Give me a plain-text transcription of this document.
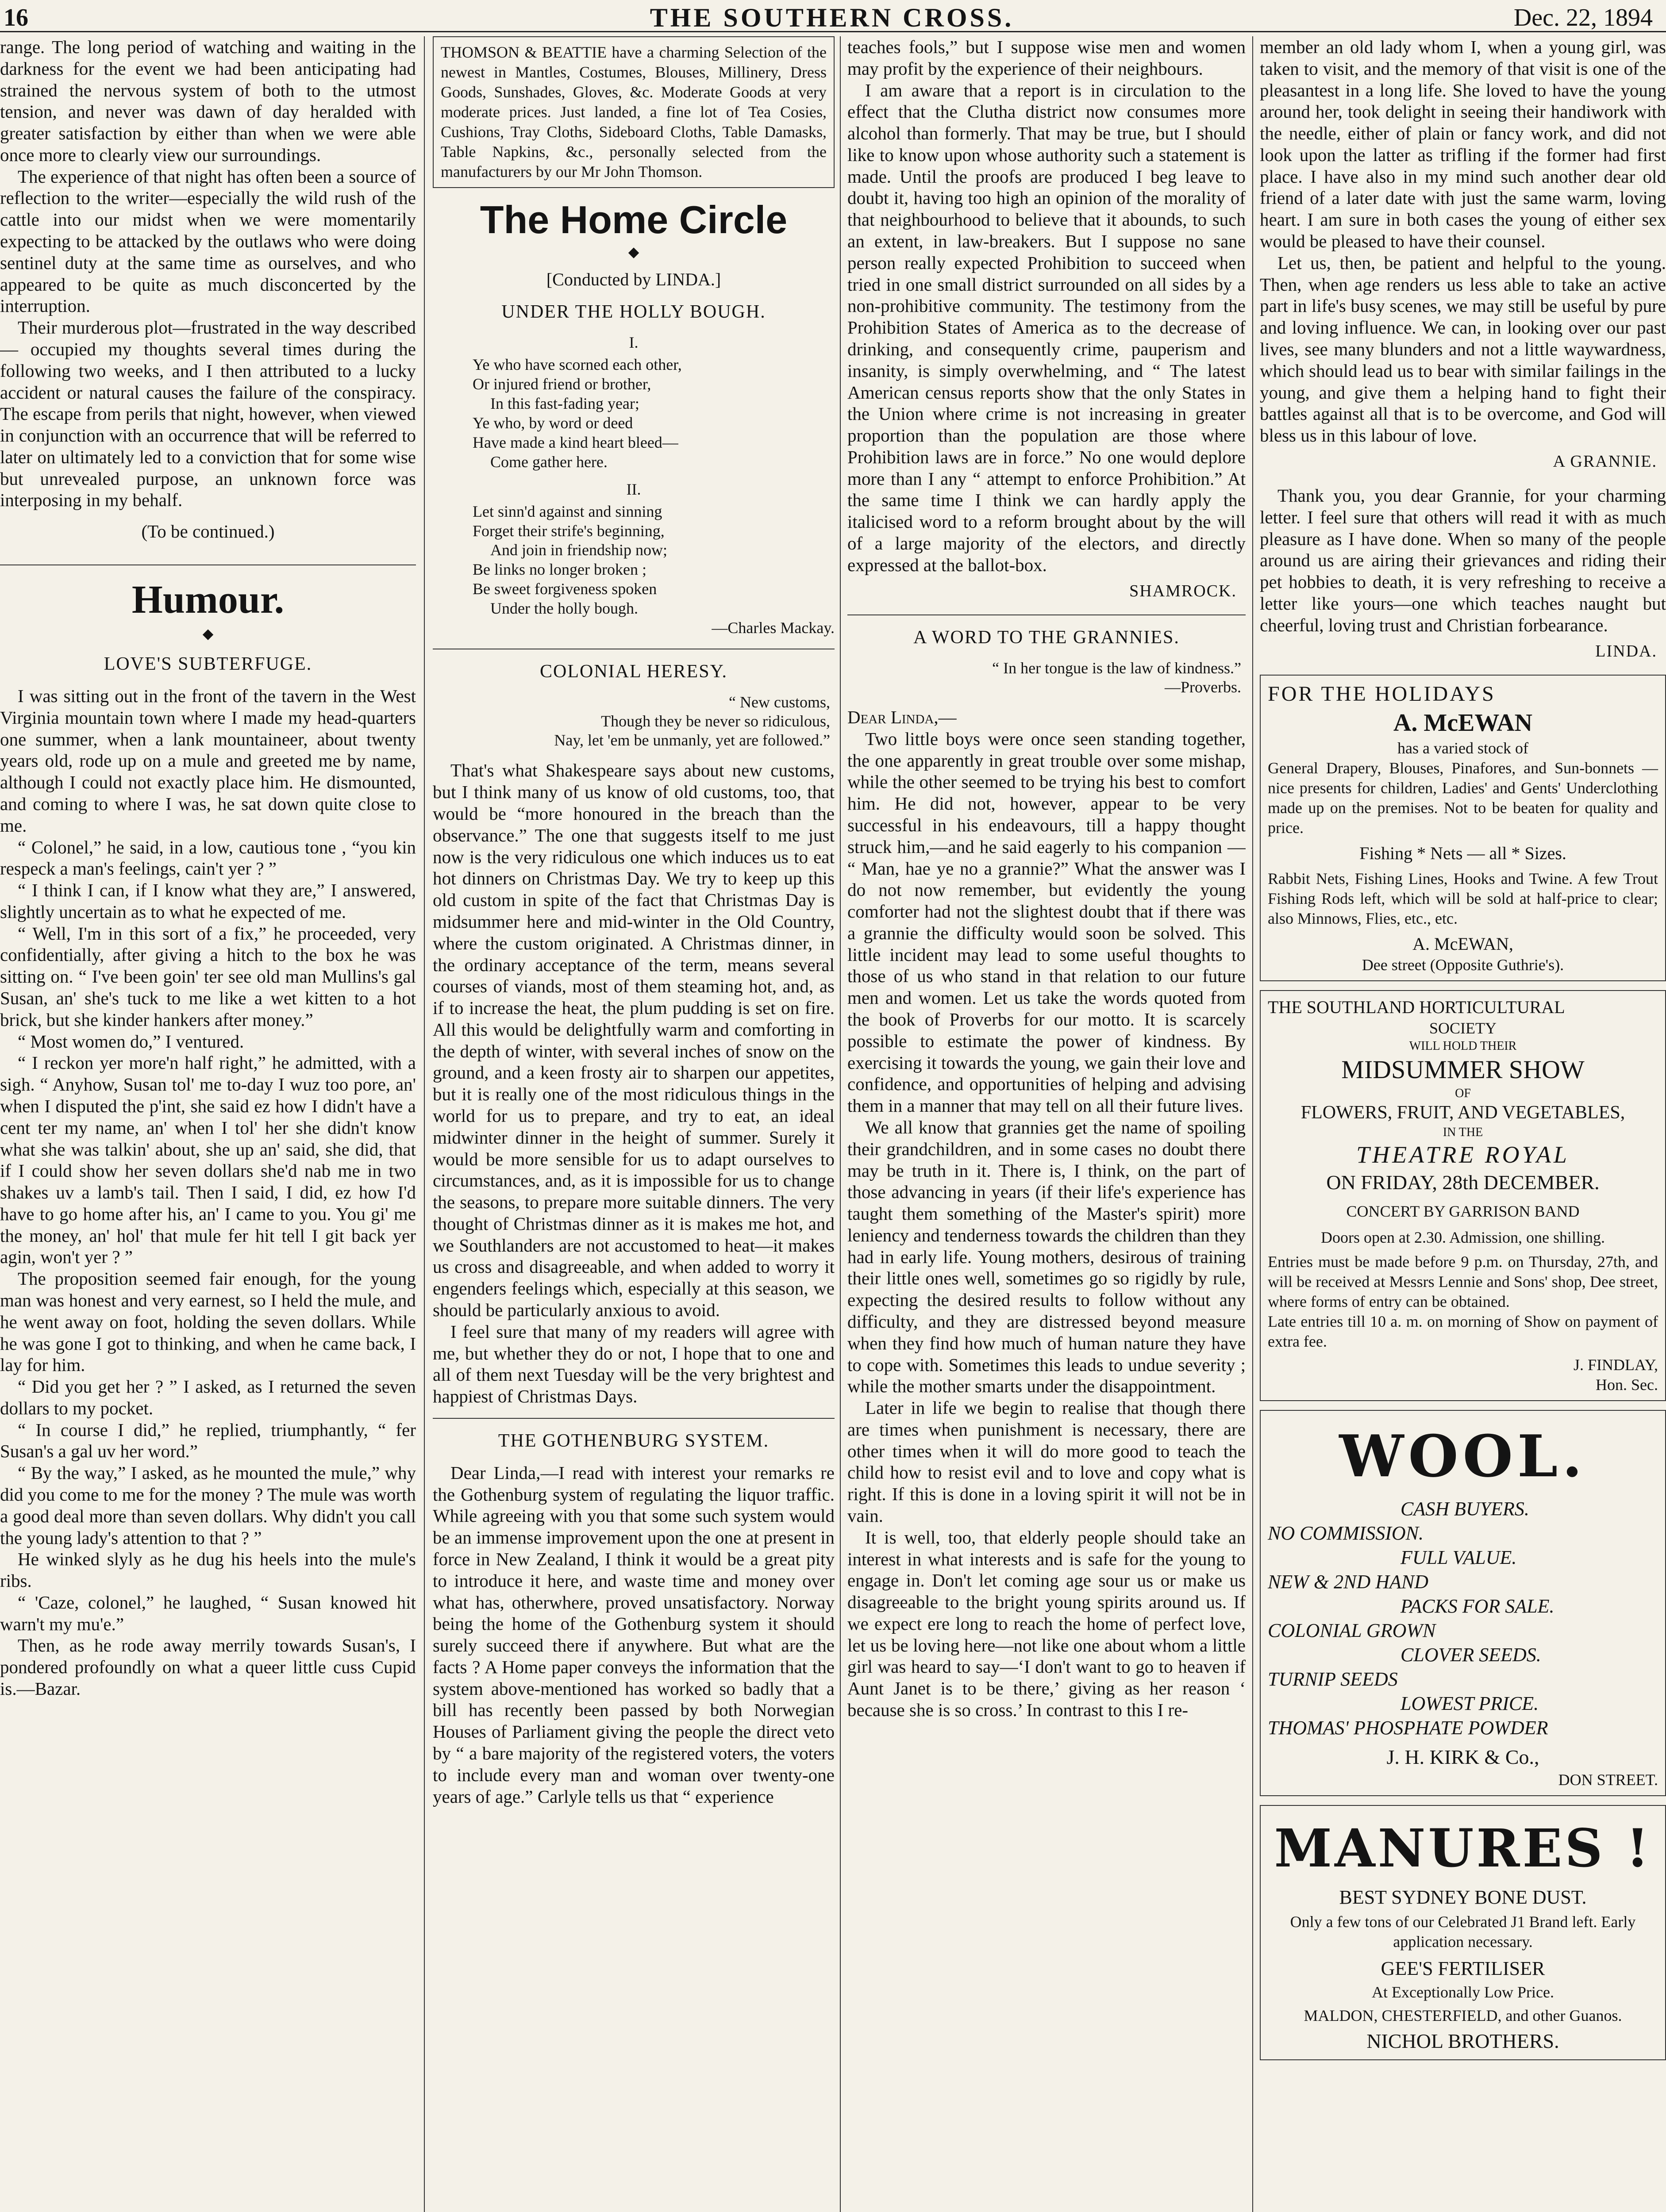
16	THE SOUTHERN CROSS.	Dec. 22, 1894

range. The long period of watching and waiting in the darkness for the event we had been anticipating had strained the nervous system of both to the utmost tension, and never was dawn of day heralded with greater satisfaction by either than when we were able once more to clearly view our surroundings.

The experience of that night has often been a source of reflection to the writer—especially the wild rush of the cattle into our midst when we were momentarily expecting to be attacked by the outlaws who were doing sentinel duty at the same time as ourselves, and who appeared to be quite as much disconcerted by the interruption.

Their murderous plot—frustrated in the way described — occupied my thoughts several times during the following two weeks, and I then attributed to a lucky accident or natural causes the failure of the conspiracy. The escape from perils that night, however, when viewed in conjunction with an occurrence that will be referred to later on ultimately led to a conviction that for some wise but unrevealed purpose, an unknown force was interposing in my behalf.

(To be continued.)
Humour.
◆
LOVE'S SUBTERFUGE.

I was sitting out in the front of the tavern in the West Virginia mountain town where I made my head-quarters one summer, when a lank mountaineer, about twenty years old, rode up on a mule and greeted me by name, although I could not exactly place him. He dismounted, and coming to where I was, he sat down quite close to me.

“ Colonel,” he said, in a low, cautious tone , “you kin respeck a man's feelings, cain't yer ? ”

“ I think I can, if I know what they are,” I answered, slightly uncertain as to what he expected of me.

“ Well, I'm in this sort of a fix,” he proceeded, very confidentially, after giving a hitch to the box he was sitting on. “ I've been goin' ter see old man Mullins's gal Susan, an' she's tuck to me like a wet kitten to a hot brick, but she kinder hankers after money.”

“ Most women do,” I ventured.

“ I reckon yer more'n half right,” he admitted, with a sigh. “ Anyhow, Susan tol' me to-day I wuz too pore, an' when I disputed the p'int, she said ez how I didn't have a cent ter my name, an' when I tol' her she didn't know what she was talkin' about, she up an' said, she did, that if I could show her seven dollars she'd nab me in two shakes uv a lamb's tail. Then I said, I did, ez how I'd have to go home after his, an' I came to you. You gi' me the money, an' hol' that mule fer hit tell I git back yer agin, won't yer ? ”

The proposition seemed fair enough, for the young man was honest and very earnest, so I held the mule, and he went away on foot, holding the seven dollars. While he was gone I got to thinking, and when he came back, I lay for him.

“ Did you get her ? ” I asked, as I returned the seven dollars to my pocket.

“ In course I did,” he replied, triumphantly, “ fer Susan's a gal uv her word.”

“ By the way,” I asked, as he mounted the mule,” why did you come to me for the money ? The mule was worth a good deal more than seven dollars. Why didn't you call the young lady's attention to that ? ”

He winked slyly as he dug his heels into the mule's ribs.

“ 'Caze, colonel,” he laughed, “ Susan knowed hit warn't my mu'e.”

Then, as he rode away merrily towards Susan's, I pondered profoundly on what a queer little cuss Cupid is.—Bazar.

THOMSON & BEATTIE have a charming Selection of the newest in Mantles, Costumes, Blouses, Millinery, Dress Goods, Sunshades, Gloves, &c. Moderate Goods at very moderate prices. Just landed, a fine lot of Tea Cosies, Cushions, Tray Cloths, Sideboard Cloths, Table Damasks, Table Napkins, &c., personally selected from the manufacturers by our Mr John Thomson.
The Home Circle
◆
[Conducted by LINDA.]
UNDER THE HOLLY BOUGH.
I.
Ye who have scorned each other,
Or injured friend or brother,
In this fast-fading year;
Ye who, by word or deed
Have made a kind heart bleed—
Come gather here.
II.
Let sinn'd against and sinning
Forget their strife's beginning,
And join in friendship now;
Be links no longer broken ;
Be sweet forgiveness spoken
Under the holly bough.
—Charles Mackay.
COLONIAL HERESY.
“ New customs,
Though they be never so ridiculous,
Nay, let 'em be unmanly, yet are followed.”

That's what Shakespeare says about new customs, but I think many of us know of old customs, too, that would be “more honoured in the breach than the observance.” The one that suggests itself to me just now is the very ridiculous one which induces us to eat hot dinners on Christmas Day. We try to keep up this old custom in spite of the fact that Christmas Day is midsummer here and mid-winter in the Old Country, where the custom originated. A Christmas dinner, in the ordinary acceptance of the term, means several courses of viands, most of them steaming hot, and, as if to increase the heat, the plum pudding is set on fire. All this would be delightfully warm and comforting in the depth of winter, with several inches of snow on the ground, and a keen frosty air to sharpen our appetites, but it is really one of the most ridiculous things in the world for us to prepare, and try to eat, an ideal midwinter dinner in the height of summer. Surely it would be more sensible for us to adapt ourselves to circumstances, and, as it is impossible for us to change the seasons, to prepare more suitable dinners. The very thought of Christmas dinner as it is makes me hot, and we Southlanders are not accustomed to heat—it makes us cross and disagreeable, and when added to worry it engenders feelings which, especially at this season, we should be particularly anxious to avoid.

I feel sure that many of my readers will agree with me, but whether they do or not, I hope that to one and all of them next Tuesday will be the very brightest and happiest of Christmas Days.

THE GOTHENBURG SYSTEM.

Dear Linda,—I read with interest your remarks re the Gothenburg system of regulating the liquor traffic. While agreeing with you that some such system would be an immense improvement upon the one at present in force in New Zealand, I think it would be a great pity to introduce it here, and waste time and money over what has, otherwhere, proved unsatisfactory. Norway being the home of the Gothenburg system it should surely succeed there if anywhere. But what are the facts ? A Home paper conveys the information that the system above-mentioned has worked so badly that a bill has recently been passed by both Norwegian Houses of Parliament giving the people the direct veto by “ a bare majority of the registered voters, the voters to include every man and woman over twenty-one years of age.” Carlyle tells us that “ experience

teaches fools,” but I suppose wise men and women may profit by the experience of their neighbours.

I am aware that a report is in circulation to the effect that the Clutha district now consumes more alcohol than formerly. That may be true, but I should like to know upon whose authority such a statement is made. Until the proofs are produced I beg leave to doubt it, having too high an opinion of the morality of that neighbourhood to believe that it abounds, to such an extent, in law-breakers. But I suppose no sane person really expected Prohibition to succeed when tried in one small district surrounded on all sides by a non-prohibitive community. The testimony from the Prohibition States of America as to the decrease of drinking, and consequently crime, pauperism and insanity, is simply overwhelming, and “ The latest American census reports show that the only States in the Union where crime is not increasing in greater proportion than the population are those where Prohibition laws are in force.” No one would deplore more than I any “ attempt to enforce Prohibition.” At the same time I think we can hardly apply the italicised word to a reform brought about by the will of a large majority of the electors, and directly expressed at the ballot-box.

SHAMROCK.
A WORD TO THE GRANNIES.
“ In her tongue is the law of kindness.”
—Proverbs.

Dear Linda,—

Two little boys were once seen standing together, the one apparently in great trouble over some mishap, while the other seemed to be trying his best to comfort him. He did not, however, appear to be very successful in his endeavours, till a happy thought struck him,—and he said eagerly to his companion — “ Man, hae ye no a grannie?” What the answer was I do not now remember, but evidently the young comforter had not the slightest doubt that if there was a grannie the difficulty would soon be solved. This little incident may lead to some useful thoughts to those of us who stand in that relation to our future men and women. Let us take the words quoted from the book of Proverbs for our motto. It is scarcely possible to estimate the power of kindness. By exercising it towards the young, we gain their love and confidence, and opportunities of helping and advising them in a manner that may tell on all their future lives.

We all know that grannies get the name of spoiling their grandchildren, and in some cases no doubt there may be truth in it. There is, I think, on the part of those advancing in years (if their life's experience has taught them something of the Master's spirit) more leniency and tenderness towards the children than they had in early life. Young mothers, desirous of training their little ones well, sometimes go so rigidly by rule, expecting the desired results to follow without any difficulty, and they are distressed beyond measure when they find how much of human nature they have to cope with. Sometimes this leads to undue severity ; while the mother smarts under the disappointment.

Later in life we begin to realise that though there are times when punishment is necessary, there are other times when it will do more good to teach the child how to resist evil and to love and copy what is right. If this is done in a loving spirit it will not be in vain.

It is well, too, that elderly people should take an interest in what interests and is safe for the young to engage in. Don't let coming age sour us or make us disagreeable to the bright young spirits around us. If we expect ere long to reach the home of perfect love, let us be loving here—not like one about whom a little girl was heard to say—‘I don't want to go to heaven if Aunt Janet is to be there,’ giving as her reason ‘ because she is so cross.’ In contrast to this I re-

member an old lady whom I, when a young girl, was taken to visit, and the memory of that visit is one of the pleasantest in a long life. She loved to have the young around her, took delight in seeing their handiwork with the needle, either of plain or fancy work, and did not look upon the latter as trifling if the former had first place. I have also in my mind such another dear old friend of a later date with just the same warm, loving heart. I am sure in both cases the young of either sex would be pleased to have their counsel.

Let us, then, be patient and helpful to the young. Then, when age renders us less able to take an active part in life's busy scenes, we may still be useful by pure and loving influence. We can, in looking over our past lives, see many blunders and not a little waywardness, which should lead us to bear with similar failings in the young, and give them a helping hand to fight their battles against all that is to be overcome, and God will bless us in this labour of love.

A GRANNIE.

Thank you, you dear Grannie, for your charming letter. I feel sure that others will read it with as much pleasure as I have done. When so many of the people around us are airing their grievances and riding their pet hobbies to death, it is very refreshing to receive a letter like yours—one which teaches naught but cheerful, loving trust and Christian forbearance.

LINDA.
FOR THE HOLIDAYS
A. McEWAN
has a varied stock of
General Drapery, Blouses, Pinafores, and Sun-bonnets — nice presents for children, Ladies' and Gents' Underclothing made up on the premises. Not to be beaten for quality and price.
Fishing * Nets — all * Sizes.
Rabbit Nets, Fishing Lines, Hooks and Twine. A few Trout Fishing Rods left, which will be sold at half-price to clear; also Minnows, Flies, etc., etc.
A. McEWAN,
Dee street (Opposite Guthrie's).
THE SOUTHLAND HORTICULTURAL
SOCIETY
WILL HOLD THEIR
MIDSUMMER SHOW
OF
FLOWERS, FRUIT, AND VEGETABLES,
IN THE
THEATRE ROYAL
ON FRIDAY, 28th DECEMBER.
CONCERT BY GARRISON BAND
Doors open at 2.30. Admission, one shilling.
Entries must be made before 9 p.m. on Thursday, 27th, and will be received at Messrs Lennie and Sons' shop, Dee street, where forms of entry can be obtained.
Late entries till 10 a. m. on morning of Show on payment of extra fee.
J. FINDLAY,
Hon. Sec.
WOOL.
CASH BUYERS.
NO COMMISSION.
FULL VALUE.
NEW & 2ND HAND
PACKS FOR SALE.
COLONIAL GROWN
CLOVER SEEDS.
TURNIP SEEDS
LOWEST PRICE.
THOMAS' PHOSPHATE POWDER
J. H. KIRK & Co.,
DON STREET.
MANURES !
BEST SYDNEY BONE DUST.
Only a few tons of our Celebrated J1 Brand left. Early application necessary.
GEE'S FERTILISER
At Exceptionally Low Price.
MALDON, CHESTERFIELD, and other Guanos.
NICHOL BROTHERS.
